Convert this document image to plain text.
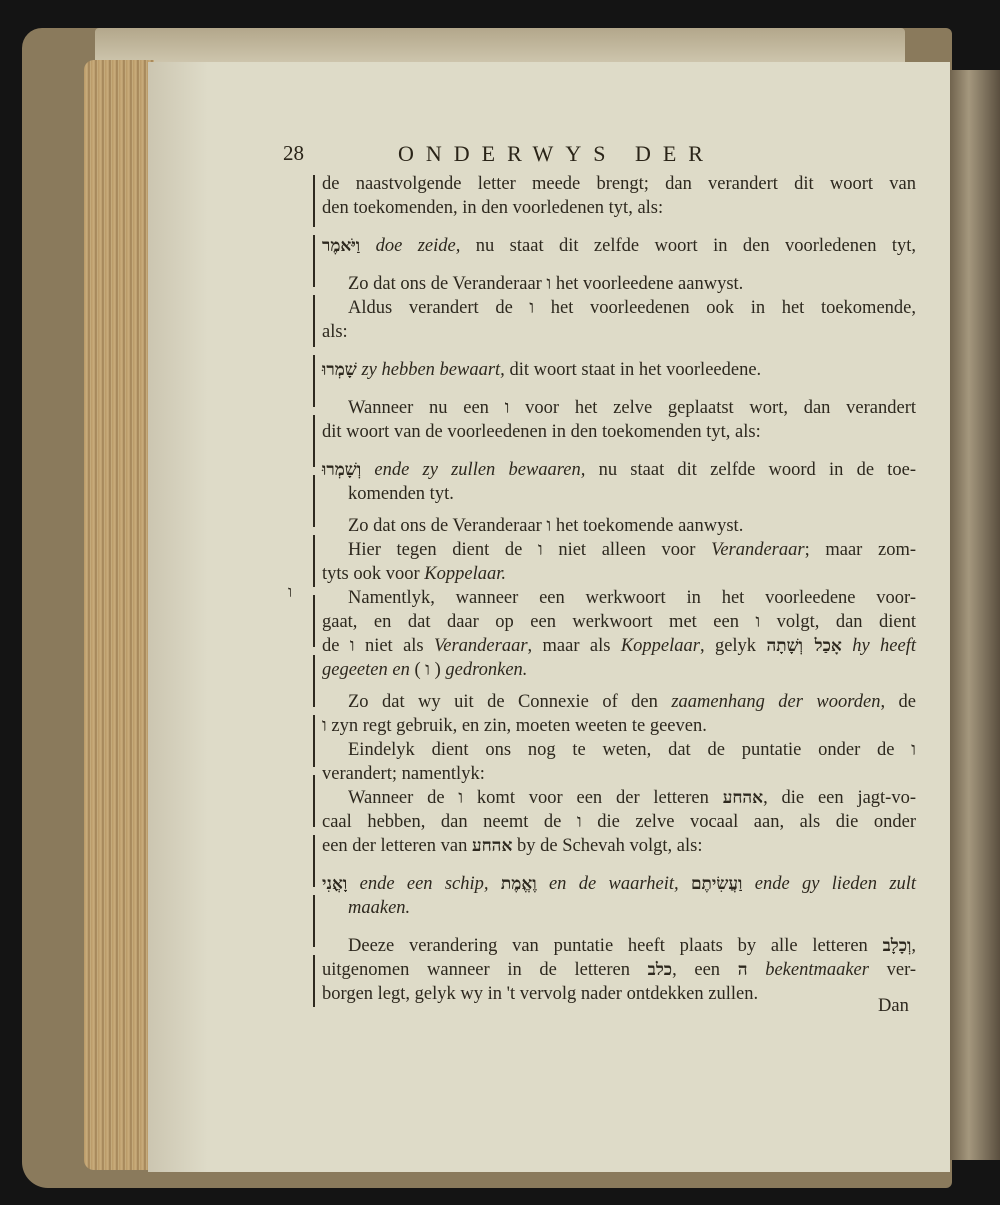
28	ONDERWYS DER
ו

de naastvolgende letter meede brengt; dan verandert dit woort van

den toekomenden, in den voorledenen tyt, als:

וַיֹּאמֶר doe zeide, nu staat dit zelfde woort in den voorledenen tyt,

Zo dat ons de Veranderaar ו het voorleedene aanwyst.

Aldus verandert de ו het voorleedenen ook in het toekomende,

als:

שָׁמְרוּ zy hebben bewaart, dit woort staat in het voorleedene.

Wanneer nu een ו voor het zelve geplaatst wort, dan verandert

dit woort van de voorleedenen in den toekomenden tyt, als:

וְשָׁמְרוּ ende zy zullen bewaaren, nu staat dit zelfde woord in de toe-

komenden tyt.

Zo dat ons de Veranderaar ו het toekomende aanwyst.

Hier tegen dient de ו niet alleen voor Veranderaar; maar zom-

tyts ook voor Koppelaar.

Namentlyk, wanneer een werkwoort in het voorleedene voor-

gaat, en dat daar op een werkwoort met een ו volgt, dan dient

de ו niet als Veranderaar, maar als Koppelaar, gelyk אָכַל וְשָׁתָה hy heeft

gegeeten en ( ו ) gedronken.

Zo dat wy uit de Connexie of den zaamenhang der woorden, de

ו zyn regt gebruik, en zin, moeten weeten te geeven.

Eindelyk dient ons nog te weten, dat de puntatie onder de ו

verandert; namentlyk:

Wanneer de ו komt voor een der letteren אהחע, die een jagt-vo-

caal hebben, dan neemt de ו die zelve vocaal aan, als die onder

een der letteren van אהחע by de Schevah volgt, als:

וָאֳנִי ende een schip, וֶאֱמֶת en de waarheit, וַעֲשִׂיתֶם ende gy lieden zult

maaken.

Deeze verandering van puntatie heeft plaats by alle letteren וְכָלָב,

uitgenomen wanneer in de letteren כלב, een ה bekentmaaker ver-

borgen legt, gelyk wy in 't vervolg nader ontdekken zullen.

Dan
